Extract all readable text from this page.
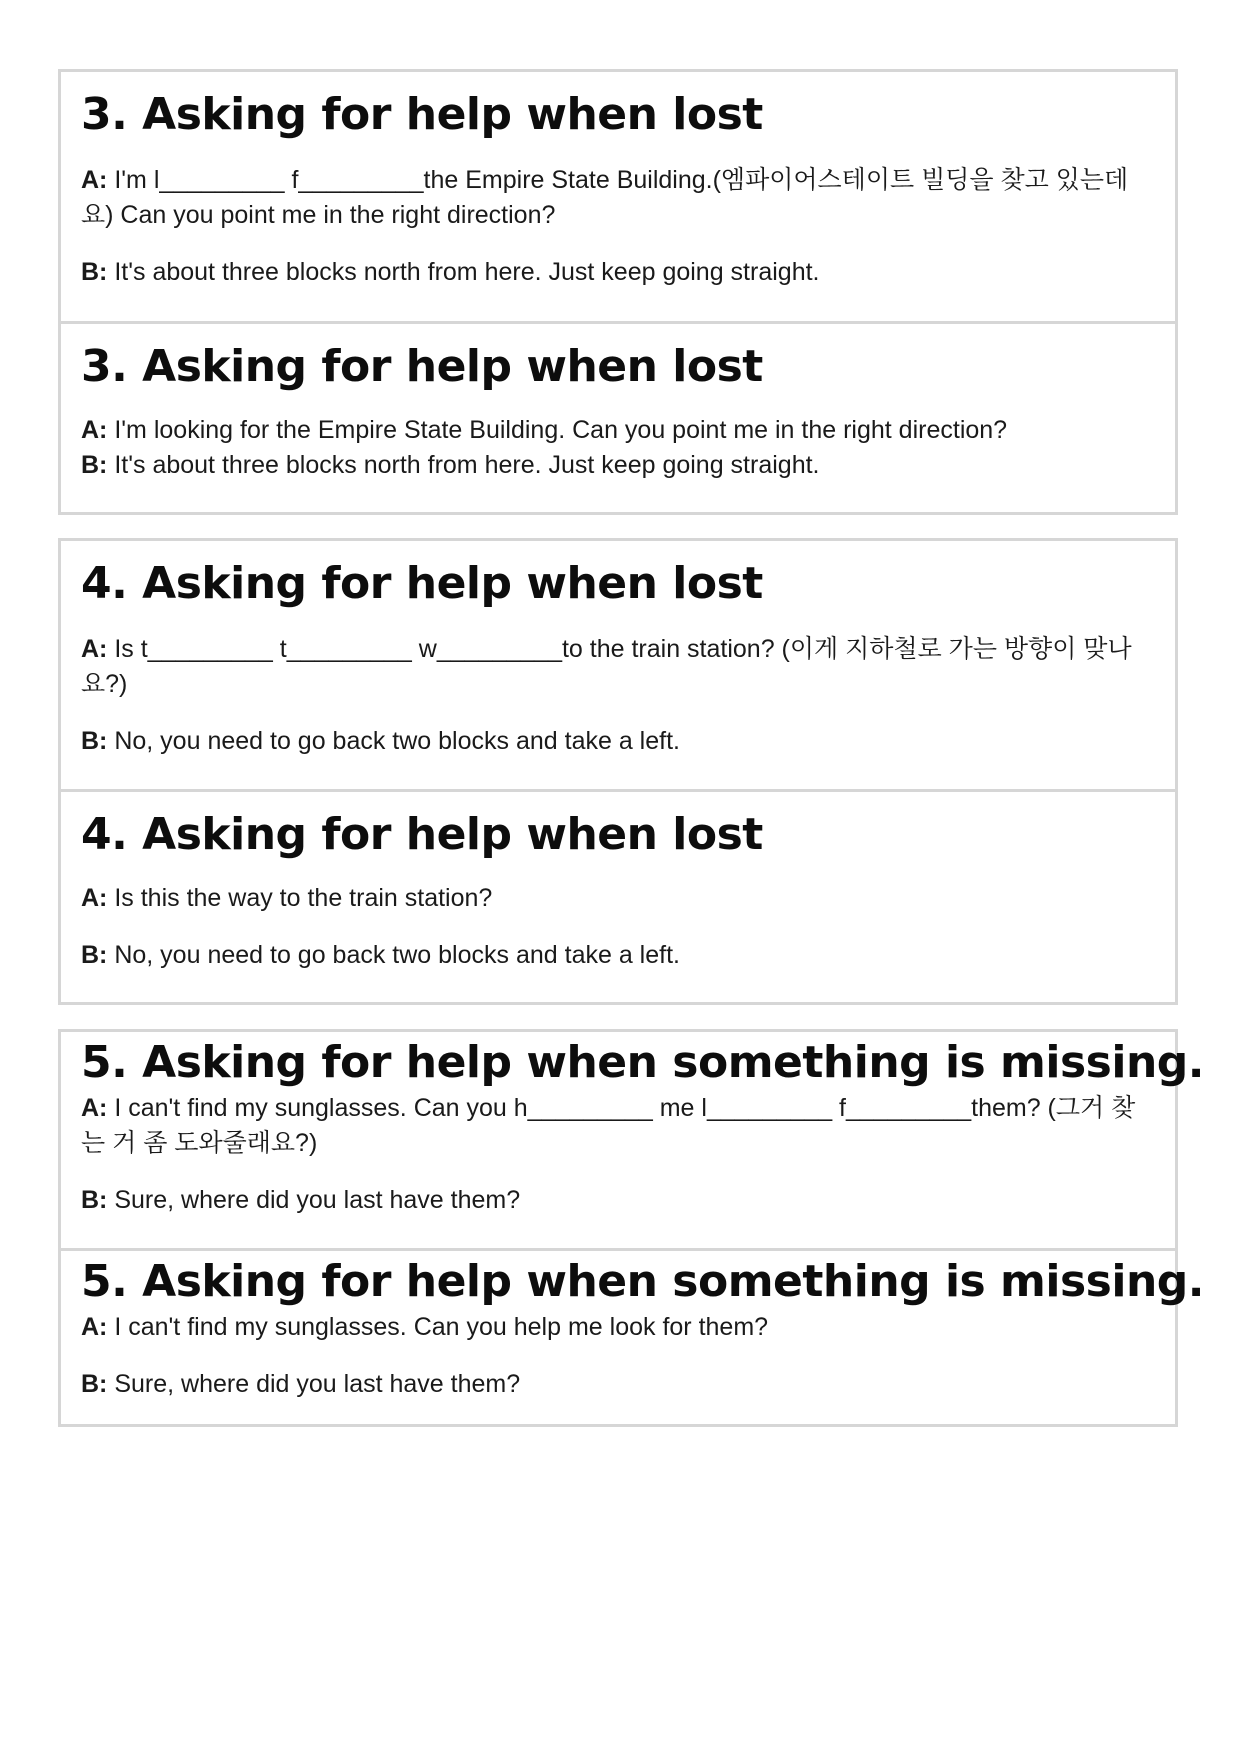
3. Asking for help when lost

A: I'm l_________ f_________the Empire State Building.(엠파이어스테이트 빌딩을 찾고 있는데요) Can you point me in the right direction?

B: It's about three blocks north from here. Just keep going straight.

3. Asking for help when lost

A: I'm looking for the Empire State Building. Can you point me in the right direction?

B: It's about three blocks north from here. Just keep going straight.

4. Asking for help when lost

A: Is t_________ t_________ w_________to the train station? (이게 지하철로 가는 방향이 맞나요?)

B: No, you need to go back two blocks and take a left.

4. Asking for help when lost

A: Is this the way to the train station?

B: No, you need to go back two blocks and take a left.

5. Asking for help when something is missing.

A: I can't find my sunglasses. Can you h_________ me l_________ f_________them? (그거 찾는 거 좀 도와줄래요?)

B: Sure, where did you last have them?

5. Asking for help when something is missing.

A: I can't find my sunglasses. Can you help me look for them?

B: Sure, where did you last have them?
